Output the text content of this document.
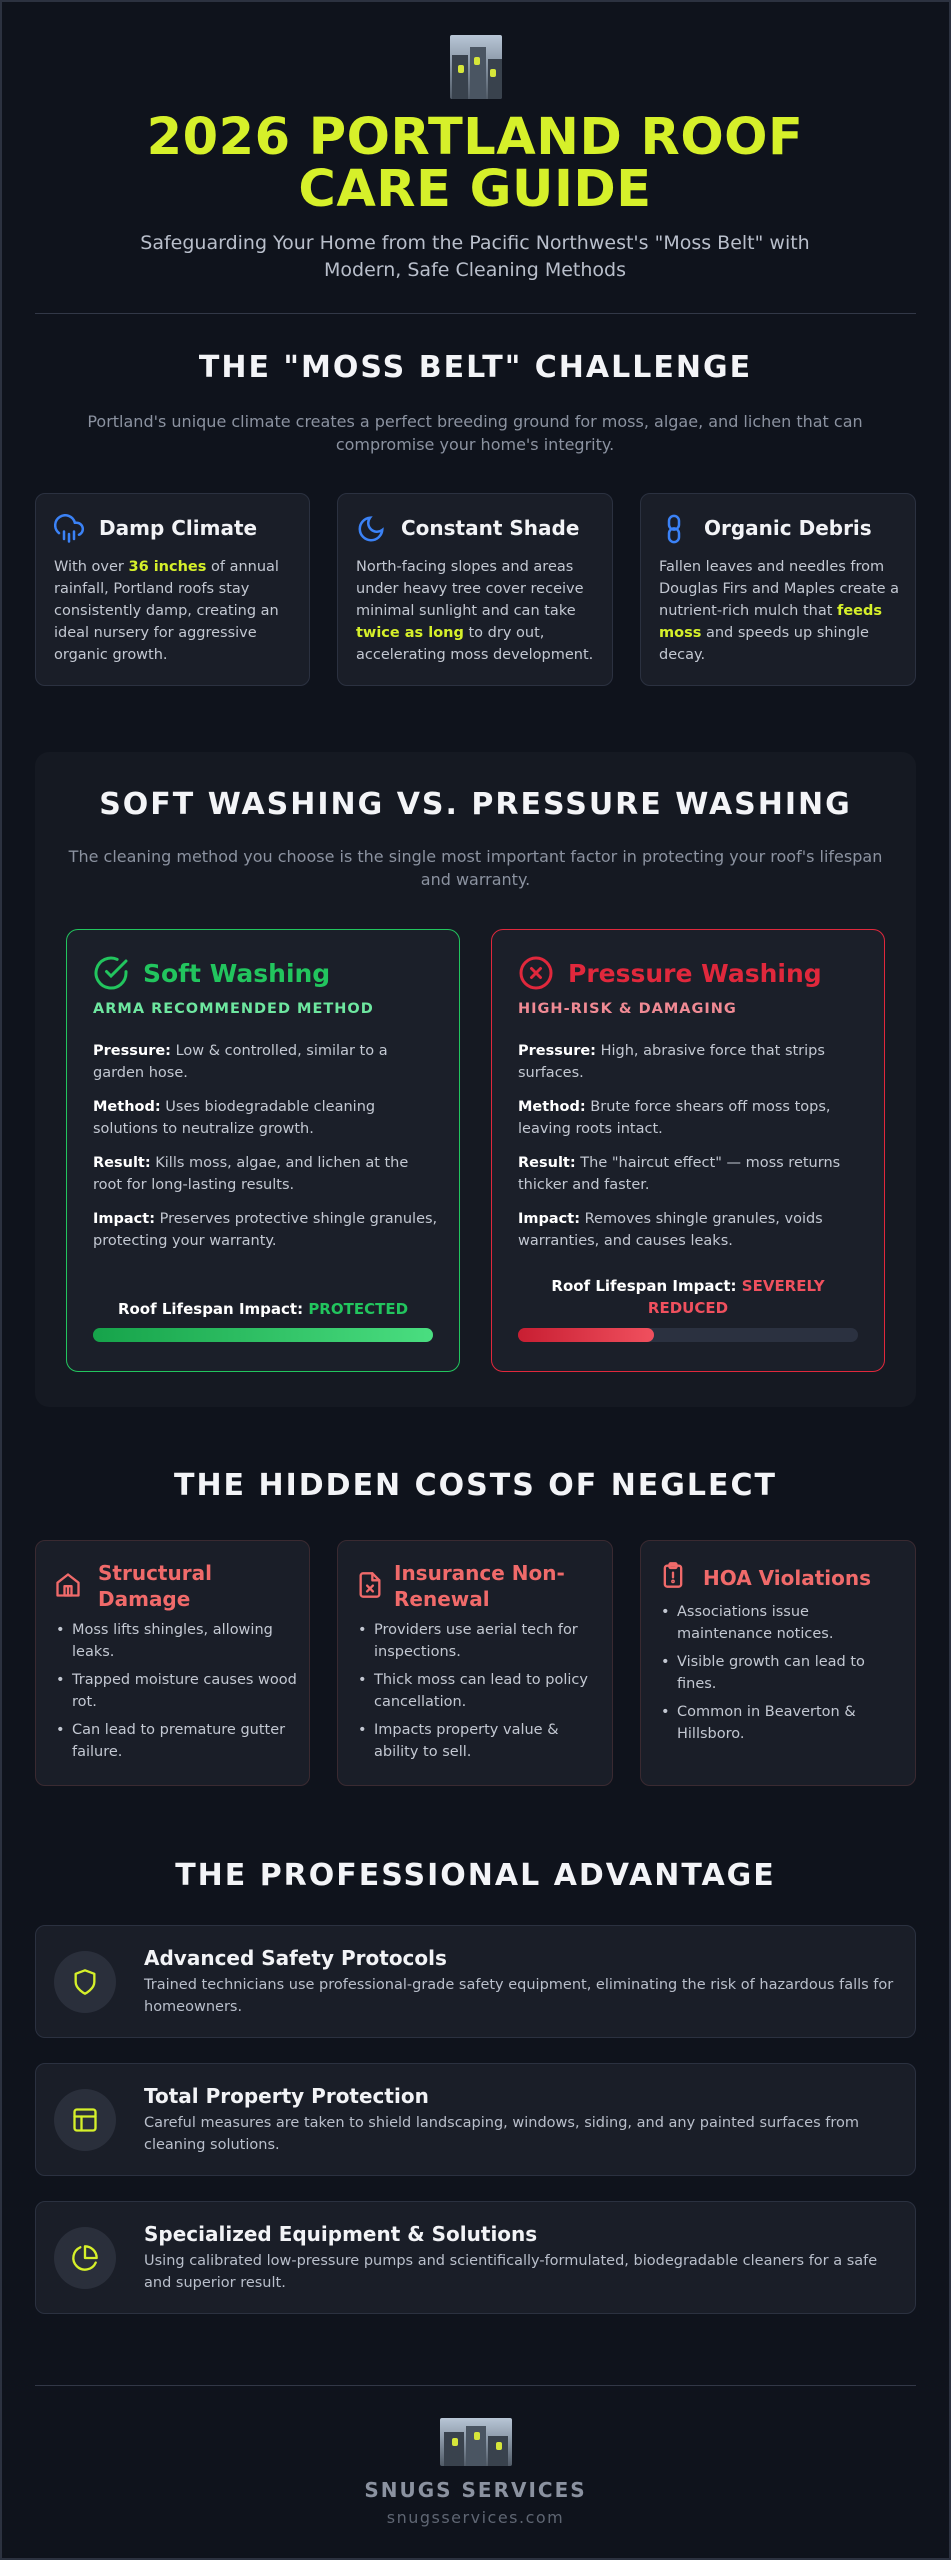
2026 PORTLAND ROOF CARE GUIDE
Safeguarding Your Home from the Pacific Northwest's "Moss Belt" with Modern, Safe Cleaning Methods
THE "MOSS BELT" CHALLENGE
Portland's unique climate creates a perfect breeding ground for moss, algae, and lichen that can compromise your home's integrity.
Damp Climate
With over 36 inches of annual rainfall, Portland roofs stay consistently damp, creating an ideal nursery for aggressive organic growth.
Constant Shade
North-facing slopes and areas under heavy tree cover receive minimal sunlight and can take twice as long to dry out, accelerating moss development.
Organic Debris
Fallen leaves and needles from Douglas Firs and Maples create a nutrient-rich mulch that feeds moss and speeds up shingle decay.
SOFT WASHING VS. PRESSURE WASHING
The cleaning method you choose is the single most important factor in protecting your roof's lifespan and warranty.
Soft Washing
ARMA RECOMMENDED METHOD
Pressure: Low & controlled, similar to a garden hose.
Method: Uses biodegradable cleaning solutions to neutralize growth.
Result: Kills moss, algae, and lichen at the root for long-lasting results.
Impact: Preserves protective shingle granules, protecting your warranty.
Roof Lifespan Impact: PROTECTED
Pressure Washing
HIGH-RISK & DAMAGING
Pressure: High, abrasive force that strips surfaces.
Method: Brute force shears off moss tops, leaving roots intact.
Result: The "haircut effect" — moss returns thicker and faster.
Impact: Removes shingle granules, voids warranties, and causes leaks.
Roof Lifespan Impact: SEVERELY REDUCED
THE HIDDEN COSTS OF NEGLECT
Structural Damage
• Moss lifts shingles, allowing leaks.
• Trapped moisture causes wood rot.
• Can lead to premature gutter failure.
Insurance Non-Renewal
• Providers use aerial tech for inspections.
• Thick moss can lead to policy cancellation.
• Impacts property value & ability to sell.
HOA Violations
• Associations issue maintenance notices.
• Visible growth can lead to fines.
• Common in Beaverton & Hillsboro.
THE PROFESSIONAL ADVANTAGE
Advanced Safety Protocols
Trained technicians use professional-grade safety equipment, eliminating the risk of hazardous falls for homeowners.
Total Property Protection
Careful measures are taken to shield landscaping, windows, siding, and any painted surfaces from cleaning solutions.
Specialized Equipment & Solutions
Using calibrated low-pressure pumps and scientifically-formulated, biodegradable cleaners for a safe and superior result.
SNUGS SERVICES
snugsservices.com
